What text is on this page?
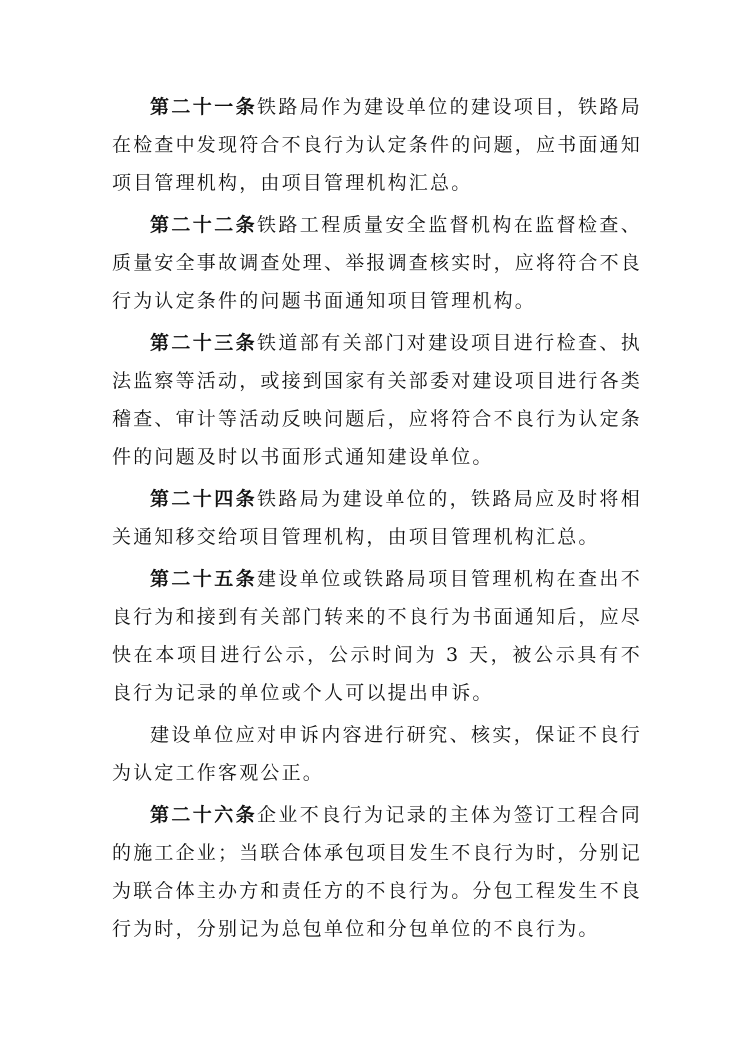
第二十一条铁路局作为建设单位的建设项目，铁路局在检查中发现符合不良行为认定条件的问题，应书面通知项目管理机构，由项目管理机构汇总。

第二十二条铁路工程质量安全监督机构在监督检查、质量安全事故调查处理、举报调查核实时，应将符合不良行为认定条件的问题书面通知项目管理机构。

第二十三条铁道部有关部门对建设项目进行检查、执法监察等活动，或接到国家有关部委对建设项目进行各类稽查、审计等活动反映问题后，应将符合不良行为认定条件的问题及时以书面形式通知建设单位。

第二十四条铁路局为建设单位的，铁路局应及时将相关通知移交给项目管理机构，由项目管理机构汇总。

第二十五条建设单位或铁路局项目管理机构在查出不良行为和接到有关部门转来的不良行为书面通知后，应尽快在本项目进行公示，公示时间为 3 天，被公示具有不良行为记录的单位或个人可以提出申诉。

建设单位应对申诉内容进行研究、核实，保证不良行为认定工作客观公正。

第二十六条企业不良行为记录的主体为签订工程合同的施工企业；当联合体承包项目发生不良行为时，分别记为联合体主办方和责任方的不良行为。分包工程发生不良行为时，分别记为总包单位和分包单位的不良行为。
